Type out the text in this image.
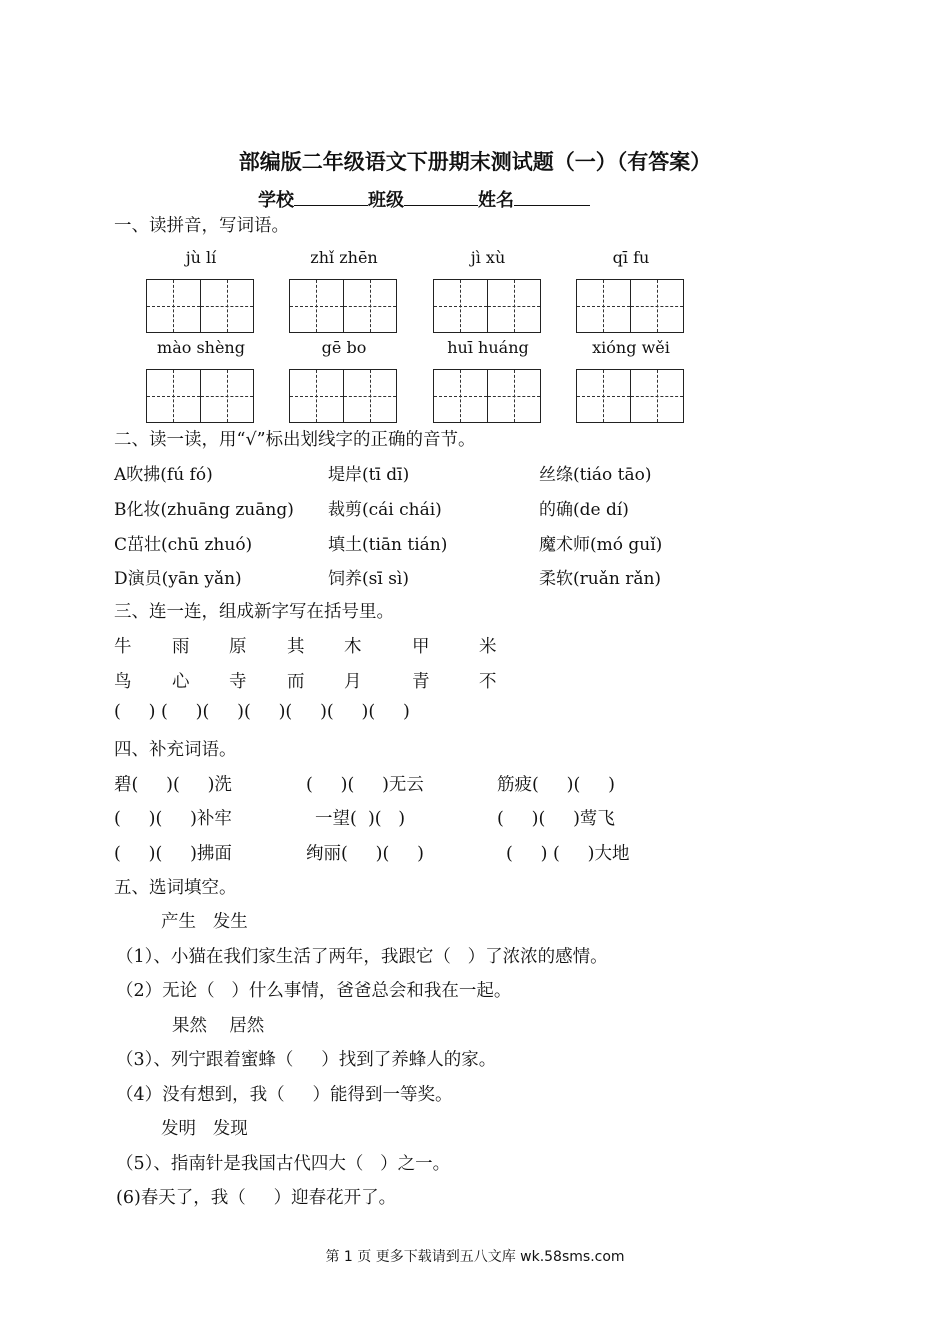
部编版二年级语文下册期末测试题（一）（有答案）
学校	班级	姓名
一、读拼音，写词语。
jù lí	zhǐ zhēn	jì xù	qī fu
mào shèng	gē bo	huī huáng	xióng wěi
二、读一读，用“√”标出划线字的正确的音节。
A吹拂(fú fó)	堤岸(tī dī)	丝绦(tiáo tāo)
B化妆(zhuāng zuāng) 裁剪(cái chái)	的确(de dí)
C茁壮(chū zhuó)	填土(tiān tián)	魔术师(mó guǐ)
D演员(yān yǎn)	饲养(sī sì)	柔软(ruǎn rǎn)
三、连一连，组成新字写在括号里。
牛 雨 原 其 木	甲	米
鸟 心 寺 而 月	青	不
(     ) (     )(     )(     )(     )(     )(     )
四、补充词语。
碧(     )(     )洗	(     )(     )无云	筋疲(     )(     )
(     )(     )补牢	一望(  )(   )	(     )(     )莺飞
(     )(     )拂面	绚丽(     )(     )	(     ) (     )大地
五、选词填空。
产生   发生
（1）、小猫在我们家生活了两年，我跟它（   ）了浓浓的感情。
（2）无论（   ）什么事情，爸爸总会和我在一起。
果然    居然
（3）、列宁跟着蜜蜂（     ）找到了养蜂人的家。
（4）没有想到，我（     ）能得到一等奖。
发明   发现
（5）、指南针是我国古代四大（   ）之一。
(6)春天了，我（     ）迎春花开了。
第 1 页 更多下载请到五八文库 wk.58sms.com
